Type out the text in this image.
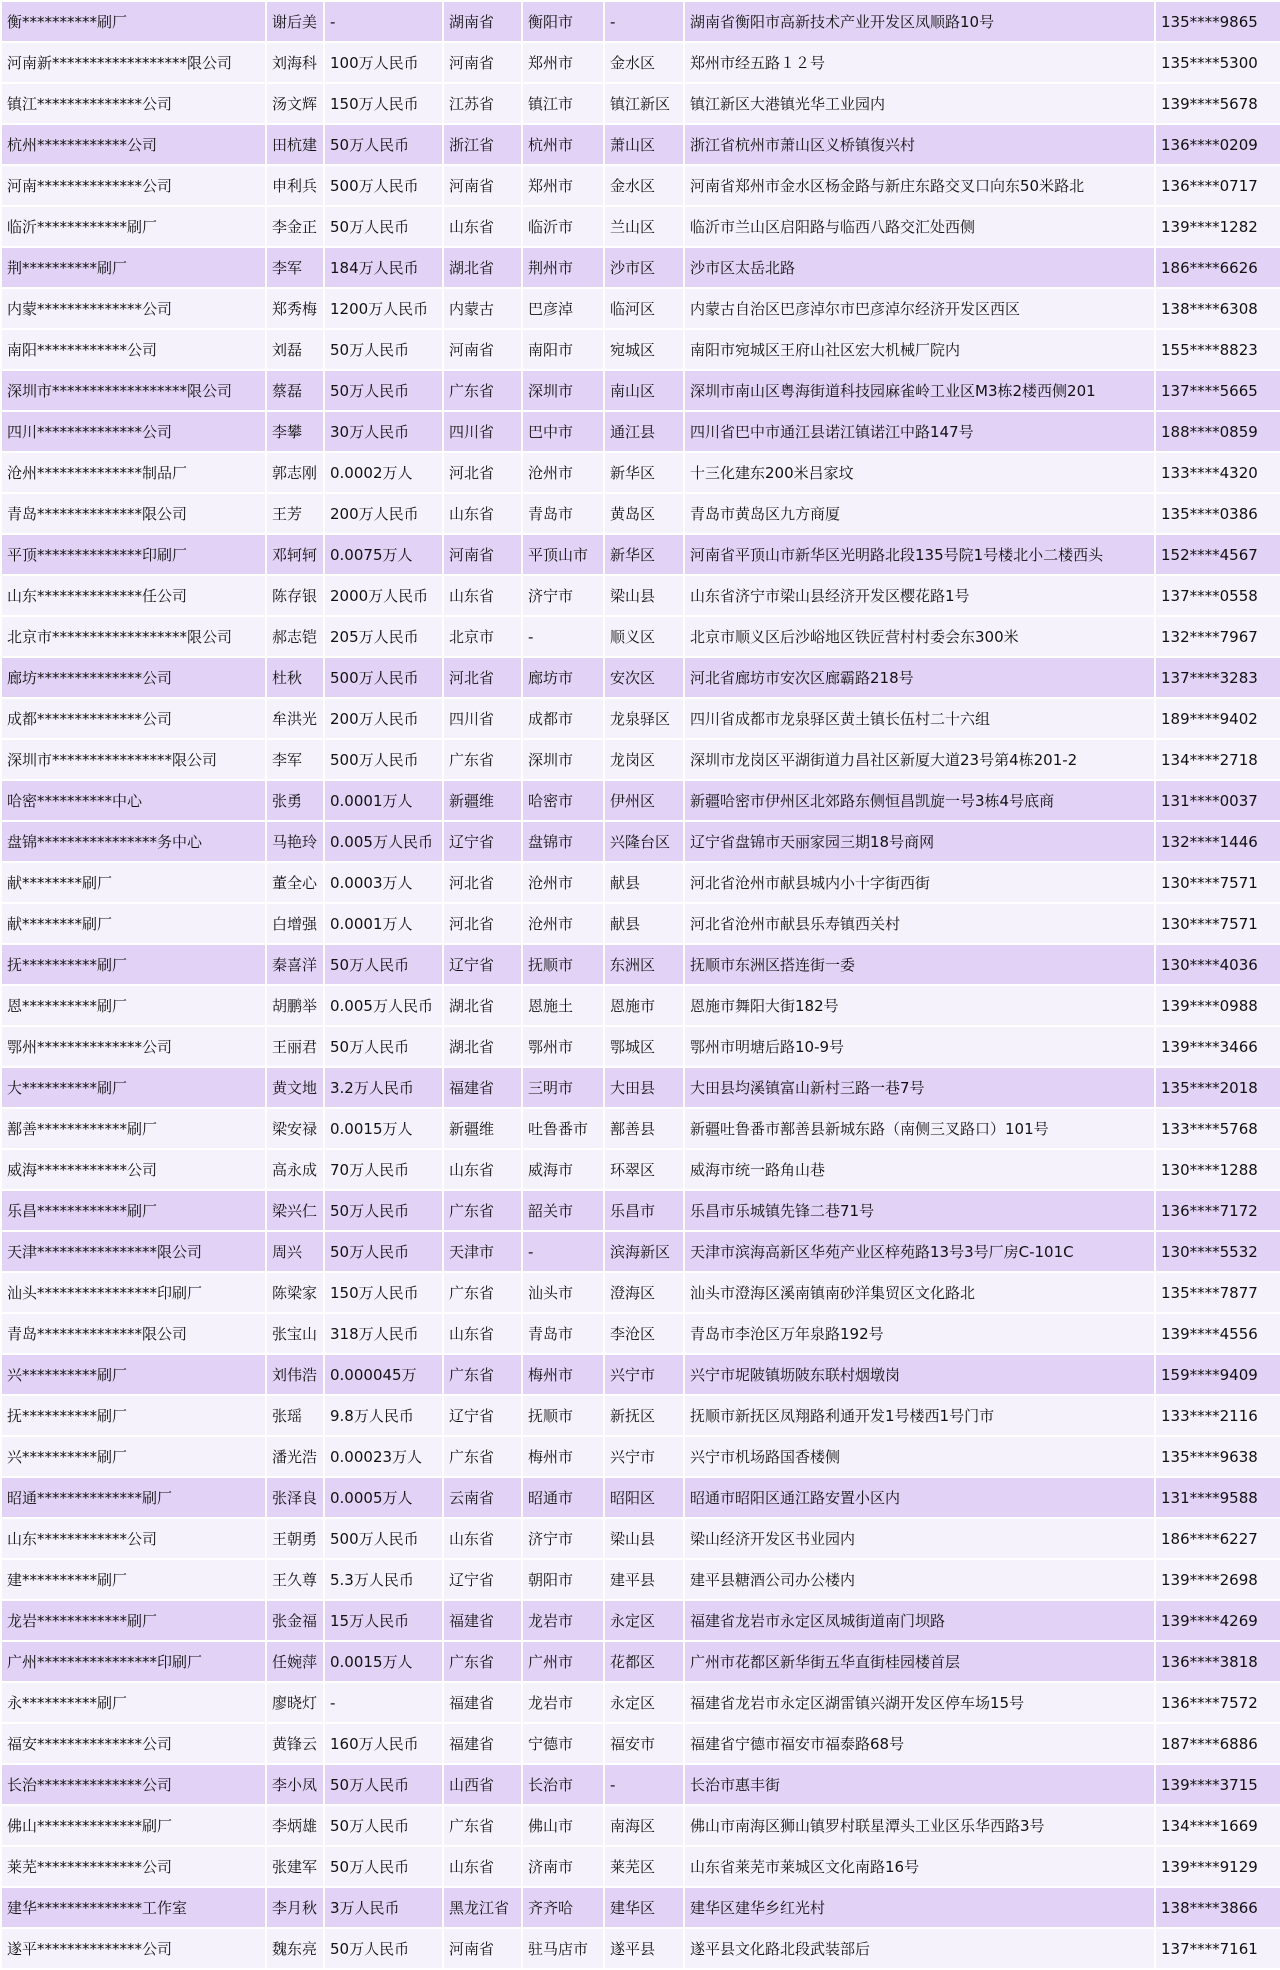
衡**********刷厂	谢后美	-	湖南省	衡阳市	-	湖南省衡阳市高新技术产业开发区凤顺路10号	135****9865
河南新******************限公司	刘海科	100万人民币	河南省	郑州市	金水区	郑州市经五路１２号	135****5300
镇江**************公司	汤文辉	150万人民币	江苏省	镇江市	镇江新区	镇江新区大港镇光华工业园内	139****5678
杭州************公司	田杭建	50万人民币	浙江省	杭州市	萧山区	浙江省杭州市萧山区义桥镇復兴村	136****0209
河南**************公司	申利兵	500万人民币	河南省	郑州市	金水区	河南省郑州市金水区杨金路与新庄东路交叉口向东50米路北	136****0717
临沂************刷厂	李金正	50万人民币	山东省	临沂市	兰山区	临沂市兰山区启阳路与临西八路交汇处西侧	139****1282
荆**********刷厂	李军	184万人民币	湖北省	荆州市	沙市区	沙市区太岳北路	186****6626
内蒙**************公司	郑秀梅	1200万人民币	内蒙古	巴彦淖	临河区	内蒙古自治区巴彦淖尔市巴彦淖尔经济开发区西区	138****6308
南阳************公司	刘磊	50万人民币	河南省	南阳市	宛城区	南阳市宛城区王府山社区宏大机械厂院内	155****8823
深圳市******************限公司	蔡磊	50万人民币	广东省	深圳市	南山区	深圳市南山区粤海街道科技园麻雀岭工业区M3栋2楼西侧201	137****5665
四川**************公司	李攀	30万人民币	四川省	巴中市	通江县	四川省巴中市通江县诺江镇诺江中路147号	188****0859
沧州**************制品厂	郭志刚	0.0002万人	河北省	沧州市	新华区	十三化建东200米吕家坟	133****4320
青岛**************限公司	王芳	200万人民币	山东省	青岛市	黄岛区	青岛市黄岛区九方商厦	135****0386
平顶**************印刷厂	邓轲轲	0.0075万人	河南省	平顶山市	新华区	河南省平顶山市新华区光明路北段135号院1号楼北小二楼西头	152****4567
山东**************任公司	陈存银	2000万人民币	山东省	济宁市	梁山县	山东省济宁市梁山县经济开发区樱花路1号	137****0558
北京市******************限公司	郝志铠	205万人民币	北京市	-	顺义区	北京市顺义区后沙峪地区铁匠营村村委会东300米	132****7967
廊坊**************公司	杜秋	500万人民币	河北省	廊坊市	安次区	河北省廊坊市安次区廊霸路218号	137****3283
成都**************公司	牟洪光	200万人民币	四川省	成都市	龙泉驿区	四川省成都市龙泉驿区黄土镇长伍村二十六组	189****9402
深圳市****************限公司	李军	500万人民币	广东省	深圳市	龙岗区	深圳市龙岗区平湖街道力昌社区新厦大道23号第4栋201-2	134****2718
哈密**********中心	张勇	0.0001万人	新疆维	哈密市	伊州区	新疆哈密市伊州区北郊路东侧恒昌凯旋一号3栋4号底商	131****0037
盘锦****************务中心	马艳玲	0.005万人民币	辽宁省	盘锦市	兴隆台区	辽宁省盘锦市天丽家园三期18号商网	132****1446
献********刷厂	董全心	0.0003万人	河北省	沧州市	献县	河北省沧州市献县城内小十字街西街	130****7571
献********刷厂	白增强	0.0001万人	河北省	沧州市	献县	河北省沧州市献县乐寿镇西关村	130****7571
抚**********刷厂	秦喜洋	50万人民币	辽宁省	抚顺市	东洲区	抚顺市东洲区搭连街一委	130****4036
恩**********刷厂	胡鹏举	0.005万人民币	湖北省	恩施土	恩施市	恩施市舞阳大街182号	139****0988
鄂州**************公司	王丽君	50万人民币	湖北省	鄂州市	鄂城区	鄂州市明塘后路10-9号	139****3466
大**********刷厂	黄文地	3.2万人民币	福建省	三明市	大田县	大田县均溪镇富山新村三路一巷7号	135****2018
鄯善************刷厂	梁安禄	0.0015万人	新疆维	吐鲁番市	鄯善县	新疆吐鲁番市鄯善县新城东路（南侧三叉路口）101号	133****5768
威海************公司	高永成	70万人民币	山东省	威海市	环翠区	威海市统一路角山巷	130****1288
乐昌************刷厂	梁兴仁	50万人民币	广东省	韶关市	乐昌市	乐昌市乐城镇先锋二巷71号	136****7172
天津****************限公司	周兴	50万人民币	天津市	-	滨海新区	天津市滨海高新区华苑产业区梓苑路13号3号厂房C-101C	130****5532
汕头****************印刷厂	陈梁家	150万人民币	广东省	汕头市	澄海区	汕头市澄海区溪南镇南砂洋集贸区文化路北	135****7877
青岛**************限公司	张宝山	318万人民币	山东省	青岛市	李沧区	青岛市李沧区万年泉路192号	139****4556
兴**********刷厂	刘伟浩	0.000045万	广东省	梅州市	兴宁市	兴宁市坭陂镇坜陂东联村烟墩岗	159****9409
抚**********刷厂	张瑶	9.8万人民币	辽宁省	抚顺市	新抚区	抚顺市新抚区凤翔路利通开发1号楼西1号门市	133****2116
兴**********刷厂	潘光浩	0.00023万人	广东省	梅州市	兴宁市	兴宁市机场路国香楼侧	135****9638
昭通**************刷厂	张泽良	0.0005万人	云南省	昭通市	昭阳区	昭通市昭阳区通江路安置小区内	131****9588
山东************公司	王朝勇	500万人民币	山东省	济宁市	梁山县	梁山经济开发区书业园内	186****6227
建**********刷厂	王久尊	5.3万人民币	辽宁省	朝阳市	建平县	建平县糖酒公司办公楼内	139****2698
龙岩************刷厂	张金福	15万人民币	福建省	龙岩市	永定区	福建省龙岩市永定区凤城街道南门坝路	139****4269
广州****************印刷厂	任婉萍	0.0015万人	广东省	广州市	花都区	广州市花都区新华街五华直街桂园楼首层	136****3818
永**********刷厂	廖晓灯	-	福建省	龙岩市	永定区	福建省龙岩市永定区湖雷镇兴湖开发区停车场15号	136****7572
福安**************公司	黄锋云	160万人民币	福建省	宁德市	福安市	福建省宁德市福安市福泰路68号	187****6886
长治**************公司	李小凤	50万人民币	山西省	长治市	-	长治市惠丰街	139****3715
佛山**************刷厂	李炳雄	50万人民币	广东省	佛山市	南海区	佛山市南海区狮山镇罗村联星潭头工业区乐华西路3号	134****1669
莱芜**************公司	张建军	50万人民币	山东省	济南市	莱芜区	山东省莱芜市莱城区文化南路16号	139****9129
建华**************工作室	李月秋	3万人民币	黑龙江省	齐齐哈	建华区	建华区建华乡红光村	138****3866
遂平**************公司	魏东亮	50万人民币	河南省	驻马店市	遂平县	遂平县文化路北段武装部后	137****7161
